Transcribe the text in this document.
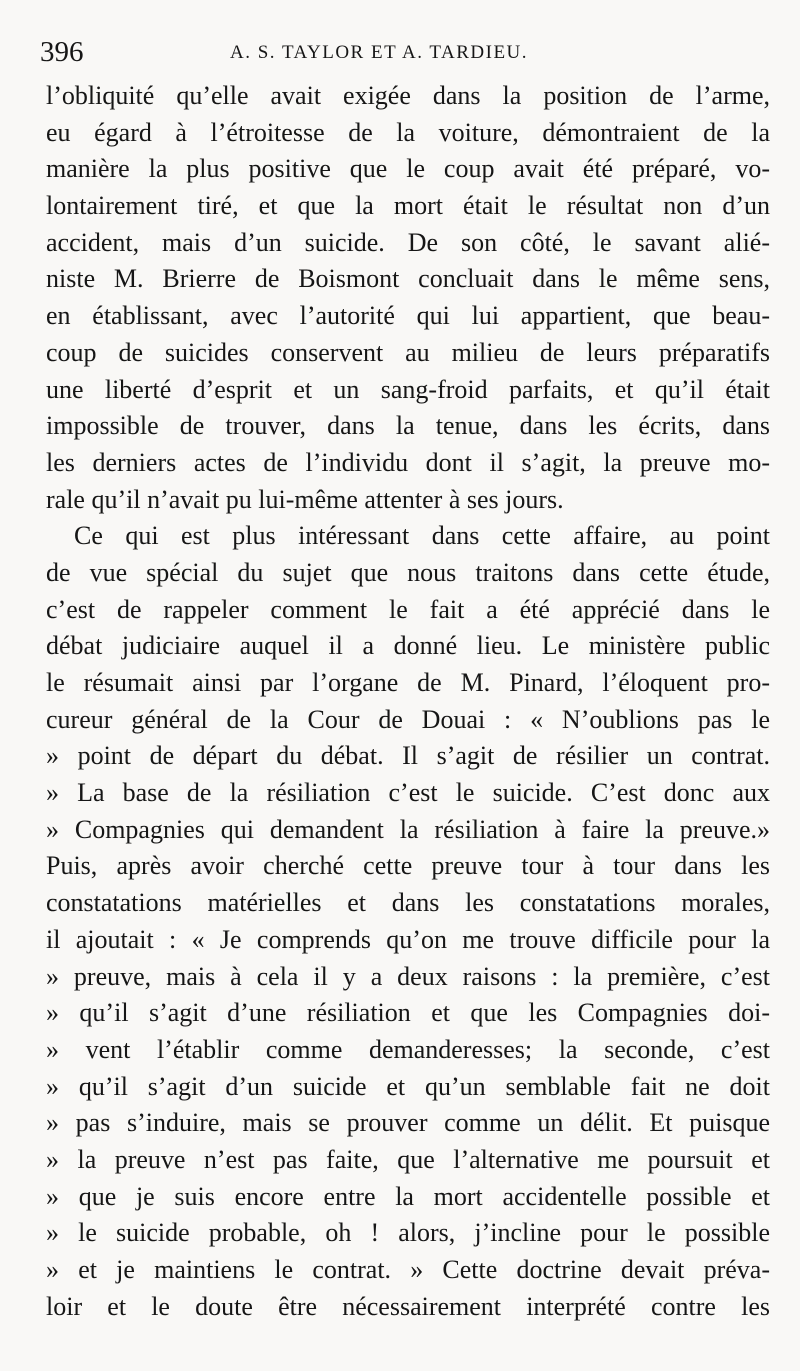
396	A. S. TAYLOR ET A. TARDIEU.
l’obliquité qu’elle avait exigée dans la position de l’arme,
eu égard à l’étroitesse de la voiture, démontraient de la
manière la plus positive que le coup avait été préparé, vo-
lontairement tiré, et que la mort était le résultat non d’un
accident, mais d’un suicide. De son côté, le savant alié-
niste M. Brierre de Boismont concluait dans le même sens,
en établissant, avec l’autorité qui lui appartient, que beau-
coup de suicides conservent au milieu de leurs préparatifs
une liberté d’esprit et un sang-froid parfaits, et qu’il était
impossible de trouver, dans la tenue, dans les écrits, dans
les derniers actes de l’individu dont il s’agit, la preuve mo-
rale qu’il n’avait pu lui-même attenter à ses jours.
Ce qui est plus intéressant dans cette affaire, au point
de vue spécial du sujet que nous traitons dans cette étude,
c’est de rappeler comment le fait a été apprécié dans le
débat judiciaire auquel il a donné lieu. Le ministère public
le résumait ainsi par l’organe de M. Pinard, l’éloquent pro-
cureur général de la Cour de Douai : « N’oublions pas le
» point de départ du débat. Il s’agit de résilier un contrat.
» La base de la résiliation c’est le suicide. C’est donc aux
» Compagnies qui demandent la résiliation à faire la preuve.»
Puis, après avoir cherché cette preuve tour à tour dans les
constatations matérielles et dans les constatations morales,
il ajoutait : « Je comprends qu’on me trouve difficile pour la
» preuve, mais à cela il y a deux raisons : la première, c’est
» qu’il s’agit d’une résiliation et que les Compagnies doi-
» vent l’établir comme demanderesses; la seconde, c’est
» qu’il s’agit d’un suicide et qu’un semblable fait ne doit
» pas s’induire, mais se prouver comme un délit. Et puisque
» la preuve n’est pas faite, que l’alternative me poursuit et
» que je suis encore entre la mort accidentelle possible et
» le suicide probable, oh ! alors, j’incline pour le possible
» et je maintiens le contrat. » Cette doctrine devait préva-
loir et le doute être nécessairement interprété contre les
